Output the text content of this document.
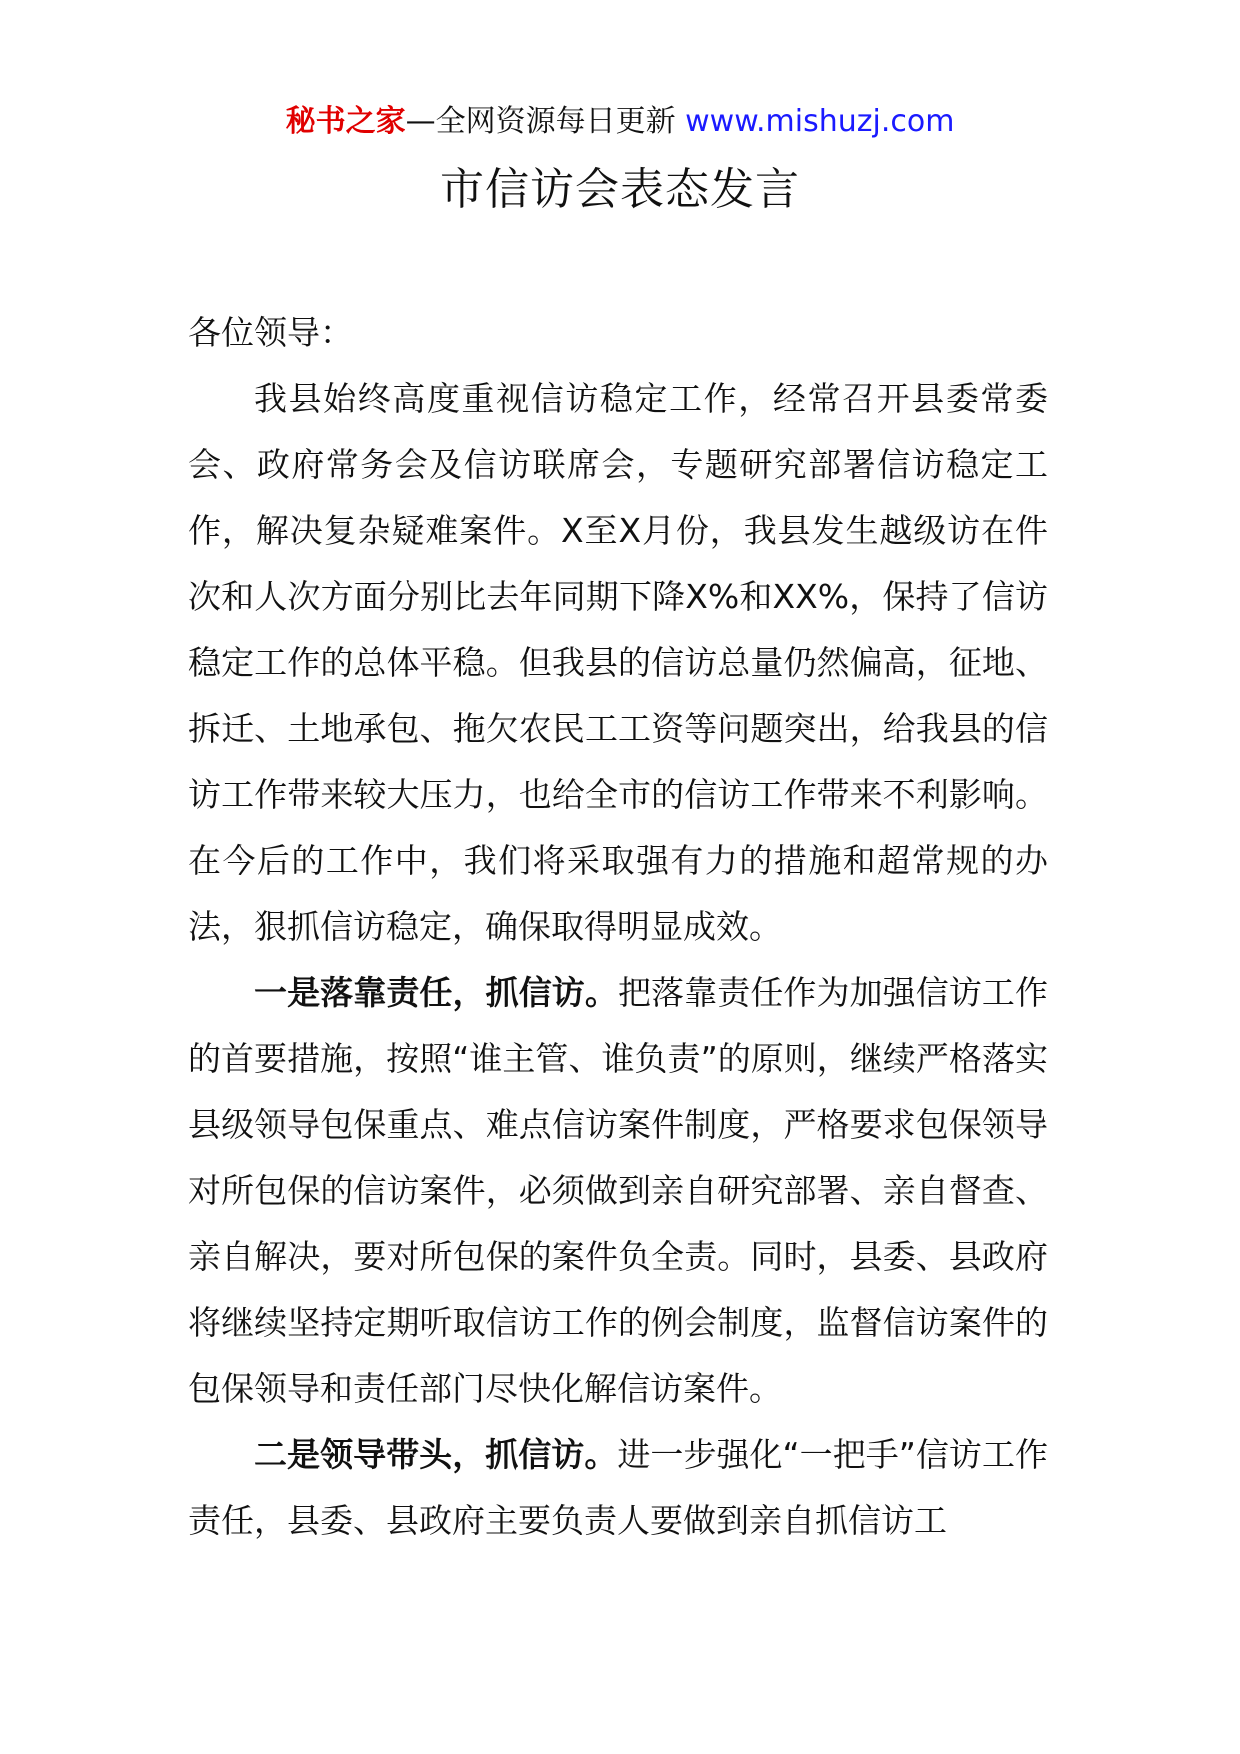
秘书之家—全网资源每日更新 www.mishuzj.com
市信访会表态发言

各位领导：

我县始终高度重视信访稳定工作，经常召开县委常委会、政府常务会及信访联席会，专题研究部署信访稳定工作，解决复杂疑难案件。X至X月份，我县发生越级访在件次和人次方面分别比去年同期下降X%和XX%，保持了信访稳定工作的总体平稳。但我县的信访总量仍然偏高，征地、拆迁、土地承包、拖欠农民工工资等问题突出，给我县的信访工作带来较大压力，也给全市的信访工作带来不利影响。在今后的工作中，我们将采取强有力的措施和超常规的办法，狠抓信访稳定，确保取得明显成效。

一是落靠责任，抓信访。把落靠责任作为加强信访工作的首要措施，按照“谁主管、谁负责”的原则，继续严格落实县级领导包保重点、难点信访案件制度，严格要求包保领导对所包保的信访案件，必须做到亲自研究部署、亲自督查、亲自解决，要对所包保的案件负全责。同时，县委、县政府将继续坚持定期听取信访工作的例会制度，监督信访案件的包保领导和责任部门尽快化解信访案件。

二是领导带头，抓信访。进一步强化“一把手”信访工作责任，县委、县政府主要负责人要做到亲自抓信访工
